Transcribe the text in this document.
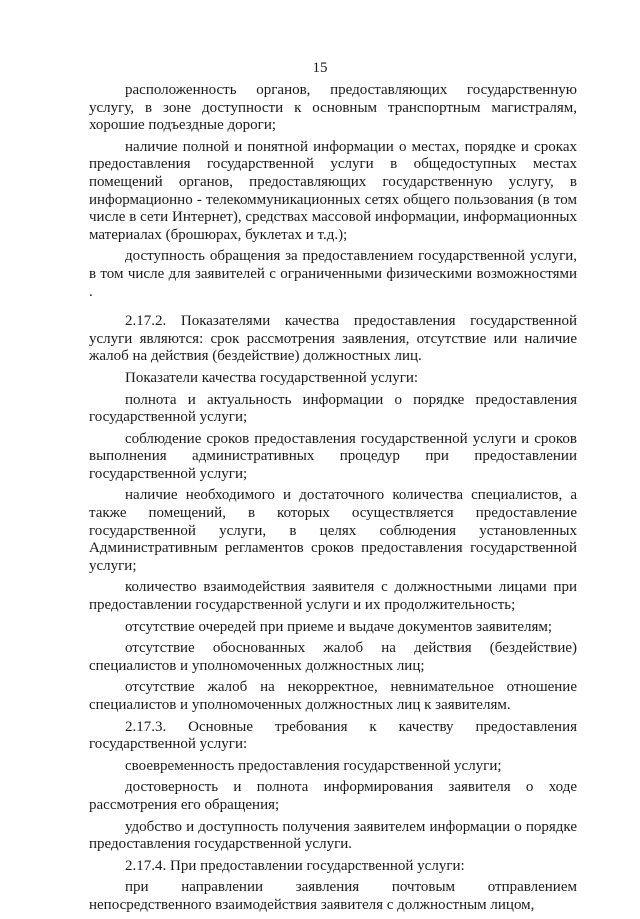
15

расположенность органов, предоставляющих государственную услугу, в зоне доступности к основным транспортным магистралям, хорошие подъездные дороги;

наличие полной и понятной информации о местах, порядке и сроках предоставления государственной услуги в общедоступных местах помещений органов, предоставляющих государственную услугу, в информационно - телекоммуникационных сетях общего пользования (в том числе в сети Интернет), средствах массовой информации, информационных материалах (брошюрах, буклетах и т.д.);

доступность обращения за предоставлением государственной услуги, в том числе для заявителей с ограниченными физическими возможностями .

2.17.2. Показателями качества предоставления государственной услуги являются: срок рассмотрения заявления, отсутствие или наличие жалоб на действия (бездействие) должностных лиц.

Показатели качества государственной услуги:

полнота и актуальность информации о порядке предоставления государственной услуги;

соблюдение сроков предоставления государственной услуги и сроков выполнения административных процедур при предоставлении государственной услуги;

наличие необходимого и достаточного количества специалистов, а также помещений, в которых осуществляется предоставление государственной услуги, в целях соблюдения установленных Административным регламентов сроков предоставления государственной услуги;

количество взаимодействия заявителя с должностными лицами при предоставлении государственной услуги и их продолжительность;

отсутствие очередей при приеме и выдаче документов заявителям;

отсутствие обоснованных жалоб на действия (бездействие) специалистов и уполномоченных должностных лиц;

отсутствие жалоб на некорректное, невнимательное отношение специалистов и уполномоченных должностных лиц к заявителям.

2.17.3. Основные требования к качеству предоставления государственной услуги:

своевременность предоставления государственной услуги;

достоверность и полнота информирования заявителя о ходе рассмотрения его обращения;

удобство и доступность получения заявителем информации о порядке предоставления государственной услуги.

2.17.4. При предоставлении государственной услуги:

при направлении заявления почтовым отправлением непосредственного взаимодействия заявителя с должностным лицом,
